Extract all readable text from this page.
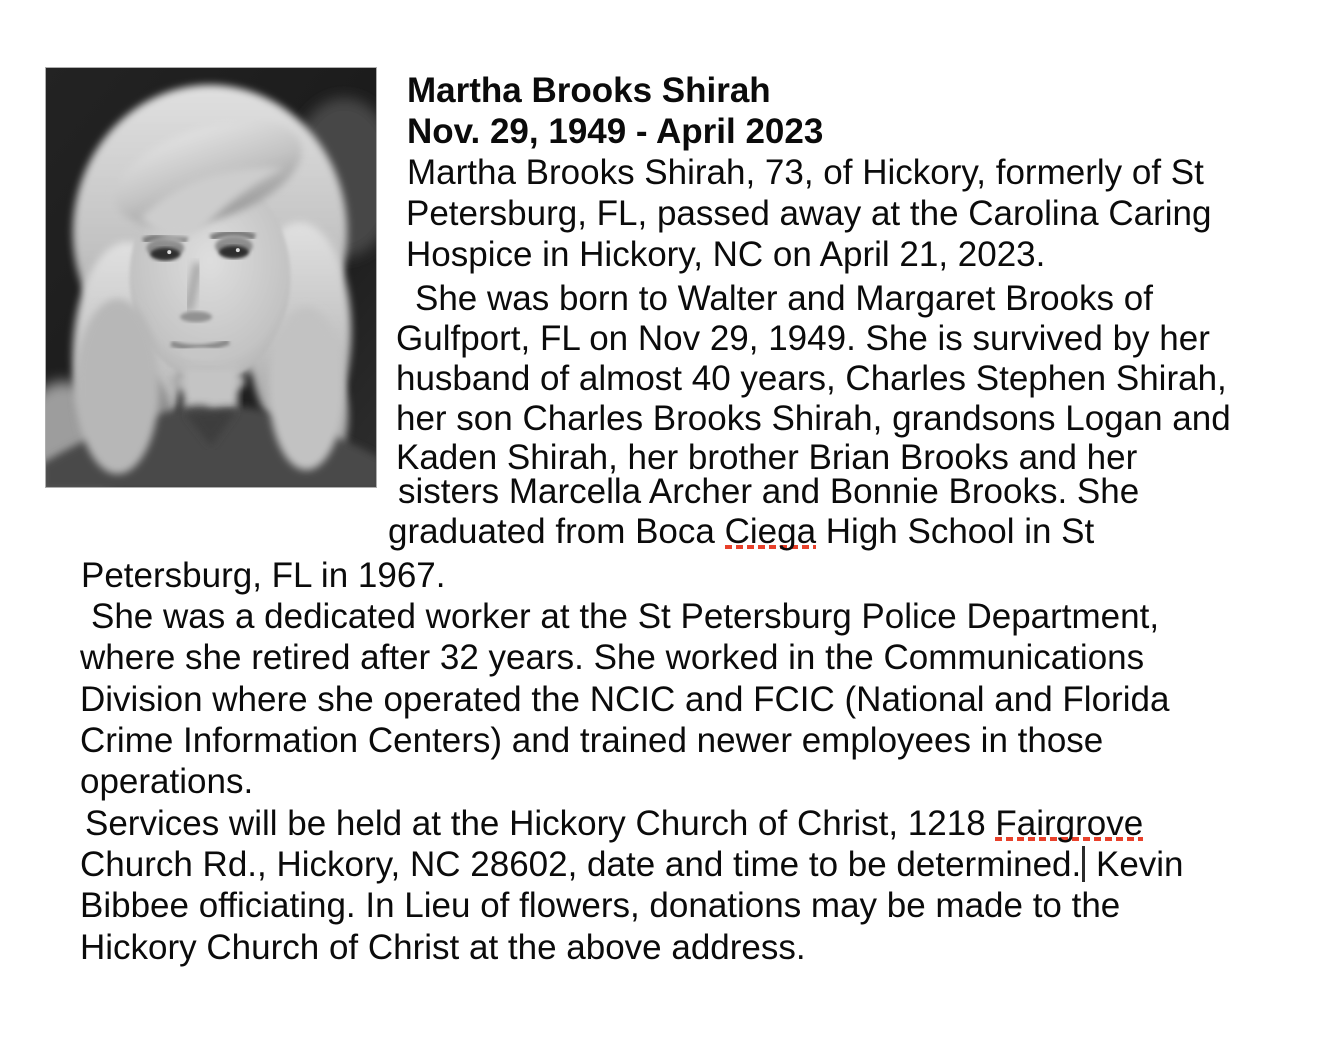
Martha Brooks Shirah
Nov. 29, 1949 - April 2023
Martha Brooks Shirah, 73, of Hickory, formerly of St
Petersburg, FL, passed away at the Carolina Caring
Hospice in Hickory, NC on April 21, 2023.
She was born to Walter and Margaret Brooks of
Gulfport, FL on Nov 29, 1949. She is survived by her
husband of almost 40 years, Charles Stephen Shirah,
her son Charles Brooks Shirah, grandsons Logan and
Kaden Shirah, her brother Brian Brooks and her
sisters Marcella Archer and Bonnie Brooks. She
graduated from Boca Ciega High School in St
Petersburg, FL in 1967.
She was a dedicated worker at the St Petersburg Police Department,
where she retired after 32 years. She worked in the Communications
Division where she operated the NCIC and FCIC (National and Florida
Crime Information Centers) and trained newer employees in those
operations.
Services will be held at the Hickory Church of Christ, 1218 Fairgrove
Church Rd., Hickory, NC 28602, date and time to be determined. Kevin
Bibbee officiating. In Lieu of flowers, donations may be made to the
Hickory Church of Christ at the above address.
